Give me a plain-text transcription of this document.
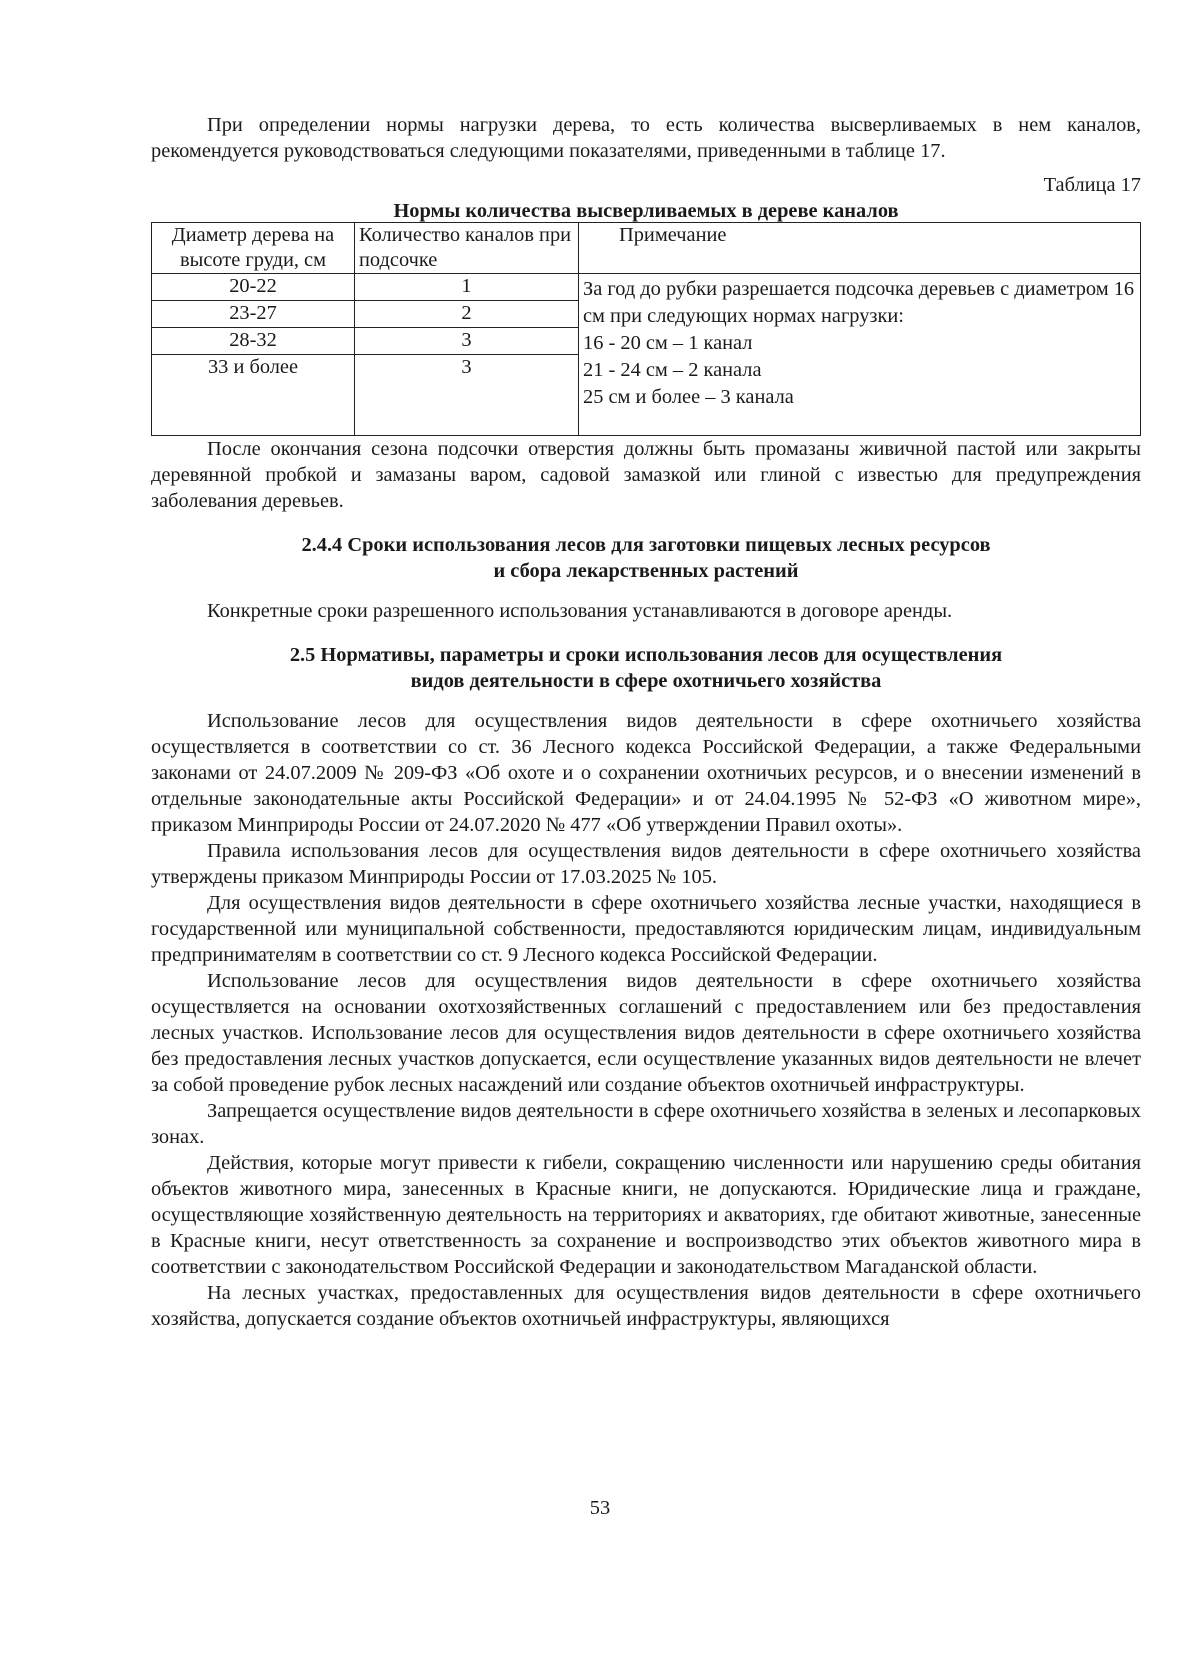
При определении нормы нагрузки дерева, то есть количества высверливаемых в нем каналов, рекомендуется руководствоваться следующими показателями, приведенными в таблице 17.

Таблица 17

Нормы количества высверливаемых в дереве каналов
Диаметр дерева на высоте груди, см	Количество каналов при подсочке	Примечание
20-22	1	За год до рубки разрешается подсочка деревьев с диаметром 16 см при следующих нормах нагрузки:
16 - 20 см – 1 канал
21 - 24 см – 2 канала
25 см и более – 3 канала

23-27	2	
28-32	3	
33 и более	3	

После окончания сезона подсочки отверстия должны быть промазаны живичной пастой или закрыты деревянной пробкой и замазаны варом, садовой замазкой или глиной с известью для предупреждения заболевания деревьев.

2.4.4 Сроки использования лесов для заготовки пищевых лесных ресурсов
и сбора лекарственных растений

Конкретные сроки разрешенного использования устанавливаются в договоре аренды.

2.5 Нормативы, параметры и сроки использования лесов для осуществления
видов деятельности в сфере охотничьего хозяйства

Использование лесов для осуществления видов деятельности в сфере охотничьего хозяйства осуществляется в соответствии со ст. 36 Лесного кодекса Российской Федерации, а также Федеральными законами от 24.07.2009 № 209-ФЗ «Об охоте и о сохранении охотничьих ресурсов, и о внесении изменений в отдельные законодательные акты Российской Федерации» и от 24.04.1995 № 52-ФЗ «О животном мире», приказом Минприроды России от 24.07.2020 № 477 «Об утверждении Правил охоты».

Правила использования лесов для осуществления видов деятельности в сфере охотничьего хозяйства утверждены приказом Минприроды России от 17.03.2025 № 105.

Для осуществления видов деятельности в сфере охотничьего хозяйства лесные участки, находящиеся в государственной или муниципальной собственности, предоставляются юридическим лицам, индивидуальным предпринимателям в соответствии со ст. 9 Лесного кодекса Российской Федерации.

Использование лесов для осуществления видов деятельности в сфере охотничьего хозяйства осуществляется на основании охотхозяйственных соглашений с предоставлением или без предоставления лесных участков. Использование лесов для осуществления видов деятельности в сфере охотничьего хозяйства без предоставления лесных участков допускается, если осуществление указанных видов деятельности не влечет за собой проведение рубок лесных насаждений или создание объектов охотничьей инфраструктуры.

Запрещается осуществление видов деятельности в сфере охотничьего хозяйства в зеленых и лесопарковых зонах.

Действия, которые могут привести к гибели, сокращению численности или нарушению среды обитания объектов животного мира, занесенных в Красные книги, не допускаются. Юридические лица и граждане, осуществляющие хозяйственную деятельность на территориях и акваториях, где обитают животные, занесенные в Красные книги, несут ответственность за сохранение и воспроизводство этих объектов животного мира в соответствии с законодательством Российской Федерации и законодательством Магаданской области.

На лесных участках, предоставленных для осуществления видов деятельности в сфере охотничьего хозяйства, допускается создание объектов охотничьей инфраструктуры, являющихся

53
